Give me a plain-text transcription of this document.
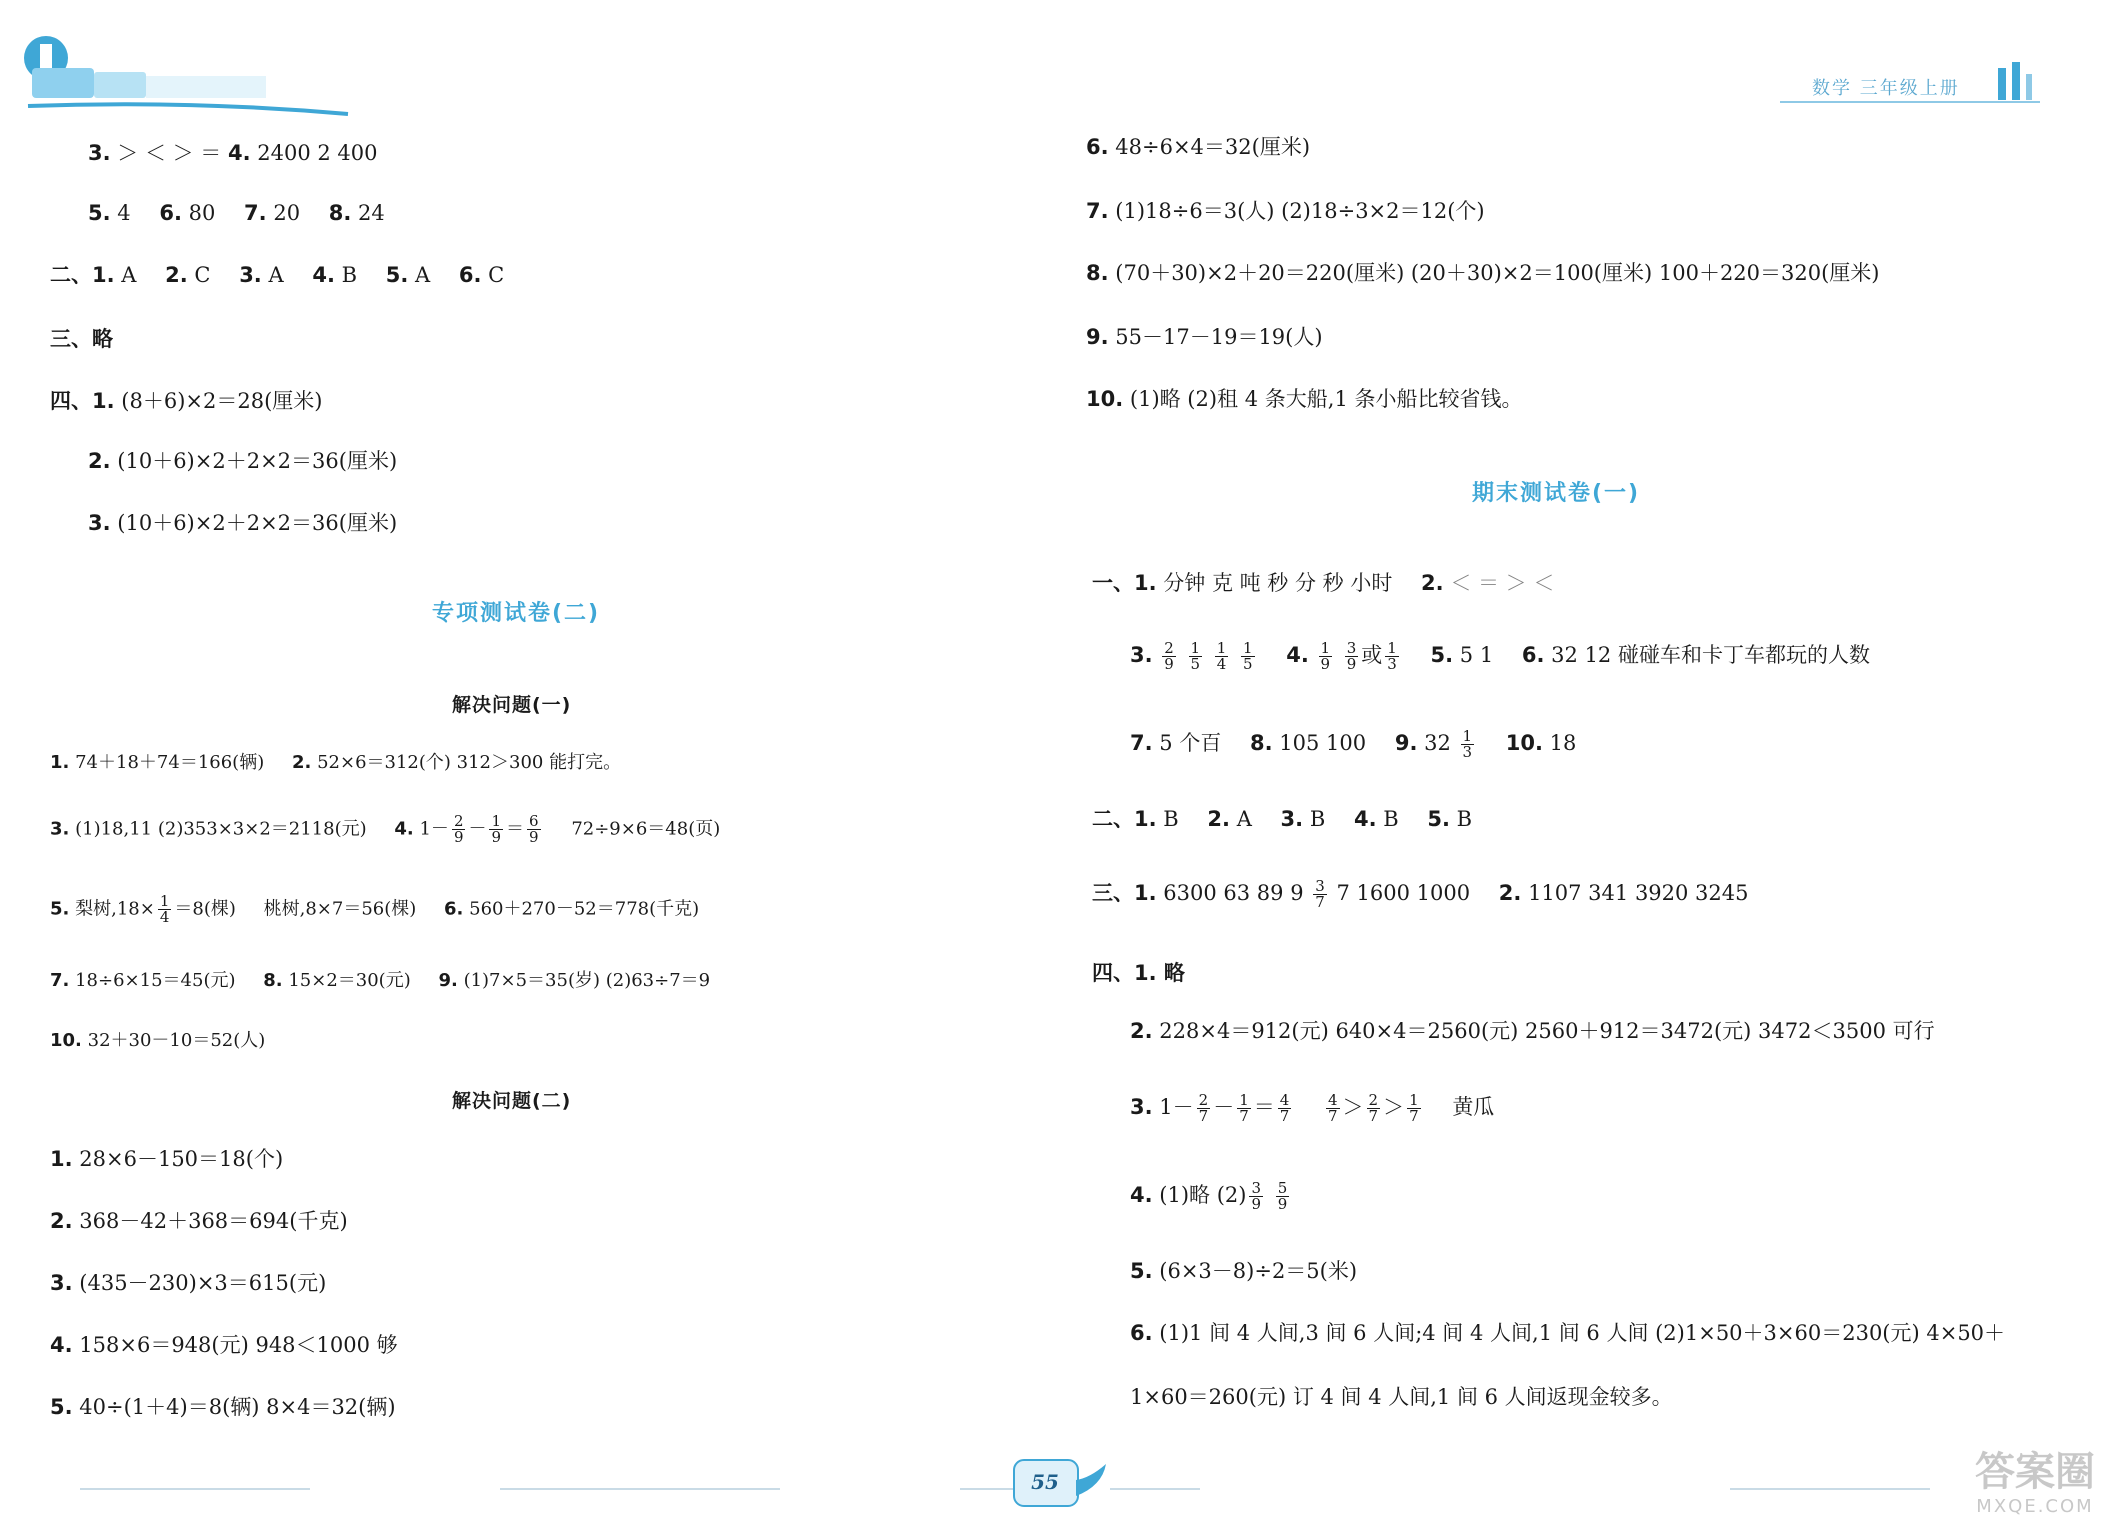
数学 三年级上册
3. ＞ ＜ ＞ ＝ 4. 2400 2 400
5. 4 6. 80 7. 20 8. 24
二、1. A 2. C 3. A 4. B 5. A 6. C
三、略
四、1. (8＋6)×2＝28(厘米)
2. (10＋6)×2＋2×2＝36(厘米)
3. (10＋6)×2＋2×2＝36(厘米)
专项测试卷(二)
解决问题(一)
1. 74＋18＋74＝166(辆) 2. 52×6＝312(个) 312＞300 能打完。
3. (1)18,11 (2)353×3×2＝2118(元) 4. $1- \frac{2}{9} - \frac{1}{9} = \frac{6}{9} 72\div 9\times 6=48$(页)
5. 梨树$,18\times \frac{1}{4} =8$(棵) 桃树,8×7＝56(棵) 6. 560＋270－52＝778(千克)
7. 18÷6×15＝45(元) 8. 15×2＝30(元) 9. (1)7×5＝35(岁) (2)63÷7＝9
10. 32＋30－10＝52(人)
解决问题(二)
1. 28×6－150＝18(个)
2. 368－42＋368＝694(千克)
3. (435－230)×3＝615(元)
4. 158×6＝948(元) 948＜1000 够
5. 40÷(1＋4)＝8(辆) 8×4＝32(辆)
6. 48÷6×4＝32(厘米)
7. (1)18÷6＝3(人) (2)18÷3×2＝12(个)
8. (70＋30)×2＋20＝220(厘米) (20＋30)×2＝100(厘米) 100＋220＝320(厘米)
9. 55－17－19＝19(人)
10. (1)略 (2)租 4 条大船,1 条小船比较省钱。
期末测试卷(一)
一、1. 分钟 克 吨 秒 分 秒 小时 2. ＜ ＝ ＞ ＜
3. $\frac{2}{9}$
$\frac{1}{5}$
$\frac{1}{4}$
$\frac{1}{5} 4$. $\frac{1}{9}$
$\frac{3}{9}$ 或 $\frac{1}{3} 5$. 5 1 6. 32 12 碰碰车和卡丁车都玩的人数
7. 5 个百 8. 105 100 9. $32 \frac{1}{3} 10$. 18
二、1. B 2. A 3. B 4. B 5. B
三、1. 6300 63 89 $9 \frac{3}{7} 7$ 1600 1000 2. 1107 341 3920 3245
四、1. 略
2. 228×4＝912(元) 640×4＝2560(元) 2560＋912＝3472(元) 3472＜3500 可行
3. $1- \frac{2}{7} - \frac{1}{7} = \frac{4}{7}$
$\frac{4}{7} > \frac{2}{7} > \frac{1}{7}$ 黄瓜
4. (1)略 $(2) \frac{3}{9}$
$\frac{5}{9}$
5. (6×3－8)÷2＝5(米)
6. (1)1 间 4 人间,3 间 6 人间;4 间 4 人间,1 间 6 人间 (2)1×50＋3×60＝230(元) 4×50＋
1×60＝260(元) 订 4 间 4 人间,1 间 6 人间返现金较多。
55	答案圈
MXQE.COM
